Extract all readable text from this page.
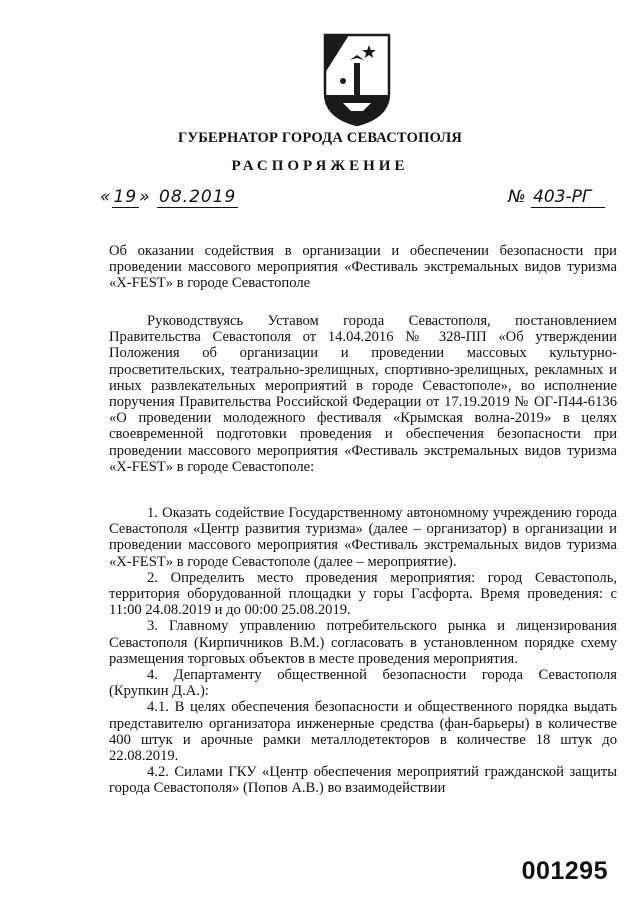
ГУБЕРНАТОР ГОРОДА СЕВАСТОПОЛЯ
РАСПОРЯЖЕНИЕ
« 19 » 08.2019	№ 403-РГ
Об оказании содействия в организации и обеспечении безопасности при проведении массового мероприятия «Фестиваль экстремальных видов туризма «X-FEST» в городе Севастополе
Руководствуясь Уставом города Севастополя, постановлением Правительства Севастополя от 14.04.2016 № 328-ПП «Об утверждении Положения об организации и проведении массовых культурно-просветительских, театрально-зрелищных, спортивно-зрелищных, рекламных и иных развлекательных мероприятий в городе Севастополе», во исполнение поручения Правительства Российской Федерации от 17.19.2019 № ОГ-П44-6136 «О проведении молодежного фестиваля «Крымская волна-2019» в целях своевременной подготовки проведения и обеспечения безопасности при проведении массового мероприятия «Фестиваль экстремальных видов туризма «X-FEST» в городе Севастополе:

1. Оказать содействие Государственному автономному учреждению города Севастополя «Центр развития туризма» (далее – организатор) в организации и проведении массового мероприятия «Фестиваль экстремальных видов туризма «X-FEST» в городе Севастополе (далее – мероприятие).

2. Определить место проведения мероприятия: город Севастополь, территория оборудованной площадки у горы Гасфорта. Время проведения: с 11:00 24.08.2019 и до 00:00 25.08.2019.

3. Главному управлению потребительского рынка и лицензирования Севастополя (Кирпичников В.М.) согласовать в установленном порядке схему размещения торговых объектов в месте проведения мероприятия.

4. Департаменту общественной безопасности города Севастополя (Крупкин Д.А.):

4.1. В целях обеспечения безопасности и общественного порядка выдать представителю организатора инженерные средства (фан-барьеры) в количестве 400 штук и арочные рамки металлодетекторов в количестве 18 штук до 22.08.2019.

4.2. Силами ГКУ «Центр обеспечения мероприятий гражданской защиты города Севастополя» (Попов А.В.) во взаимодействии

001295
